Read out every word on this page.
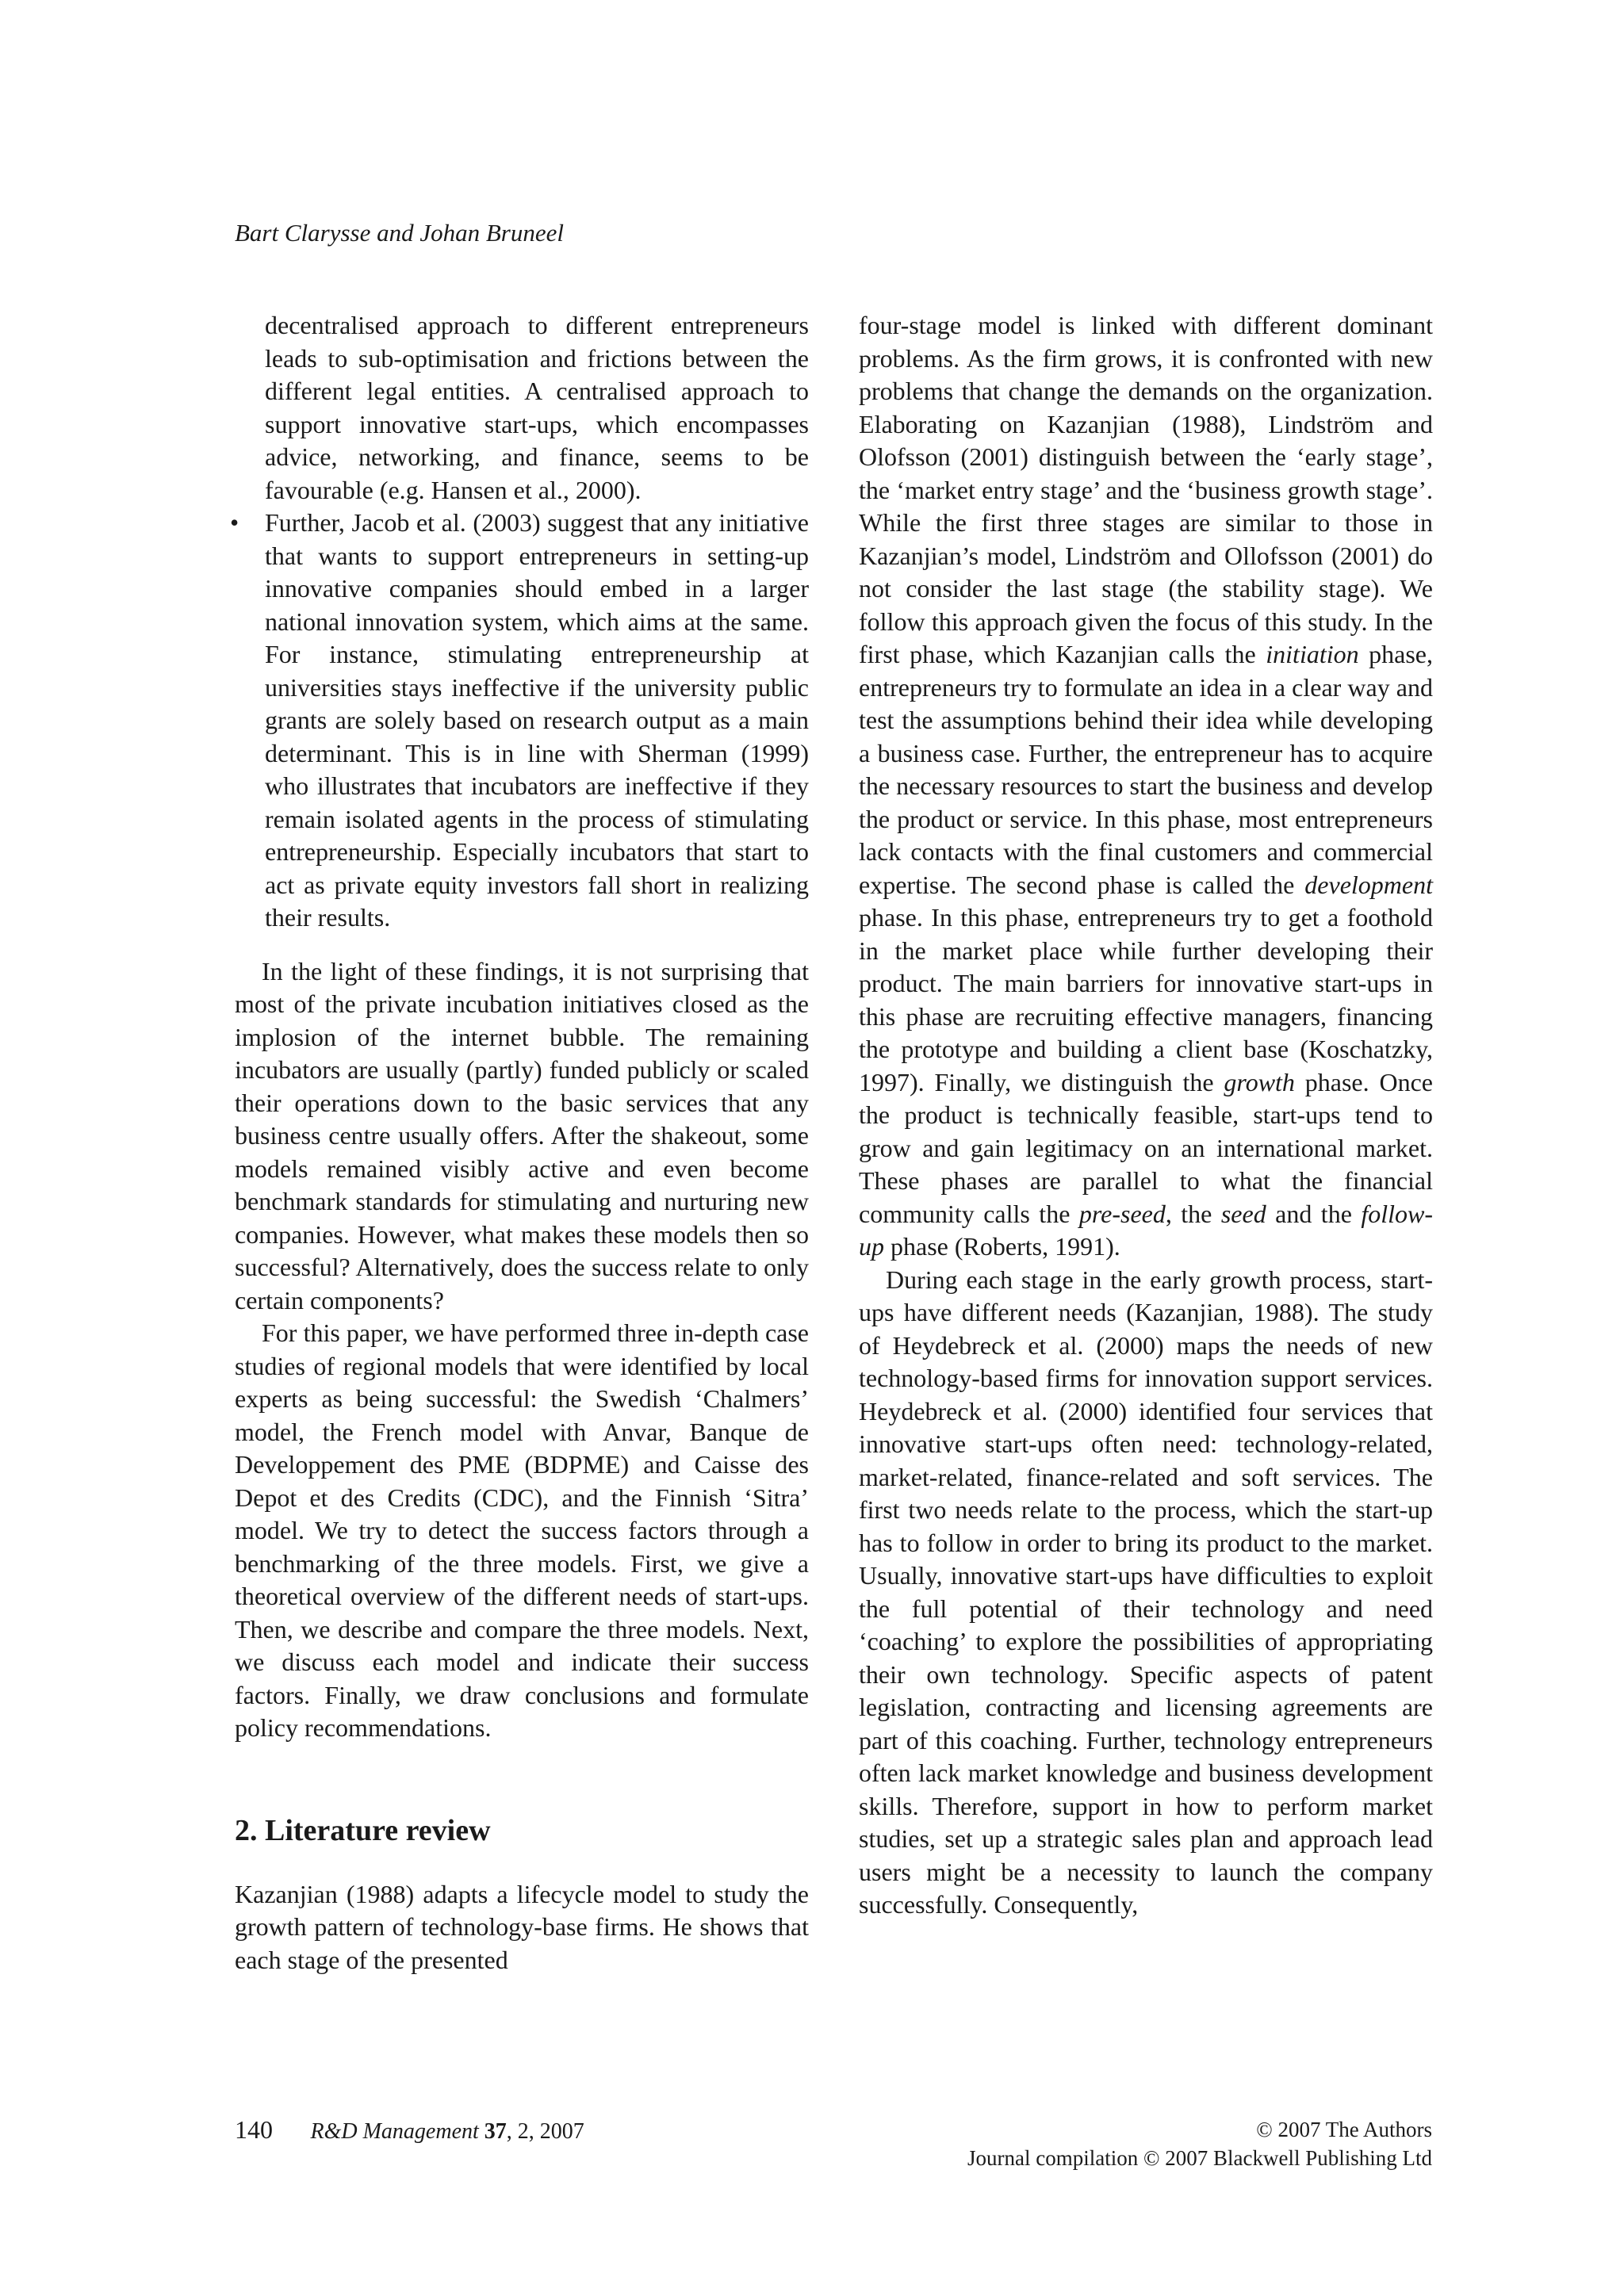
Bart Clarysse and Johan Bruneel

decentralised approach to different entrepreneurs leads to sub-optimisation and frictions between the different legal entities. A centralised approach to support innovative start-ups, which encompasses advice, networking, and finance, seems to be favourable (e.g. Hansen et al., 2000).

• Further, Jacob et al. (2003) suggest that any initiative that wants to support entrepreneurs in setting-up innovative companies should embed in a larger national innovation system, which aims at the same. For instance, stimulating entrepreneurship at universities stays ineffective if the university public grants are solely based on research output as a main determinant. This is in line with Sherman (1999) who illustrates that incubators are ineffective if they remain isolated agents in the process of stimulating entrepreneurship. Especially incubators that start to act as private equity investors fall short in realizing their results.

In the light of these findings, it is not surprising that most of the private incubation initiatives closed as the implosion of the internet bubble. The remaining incubators are usually (partly) funded publicly or scaled their operations down to the basic services that any business centre usually offers. After the shakeout, some models remained visibly active and even become benchmark standards for stimulating and nurturing new companies. However, what makes these models then so successful? Alternatively, does the success relate to only certain components?

For this paper, we have performed three in-depth case studies of regional models that were identified by local experts as being successful: the Swedish ‘Chalmers’ model, the French model with Anvar, Banque de Developpement des PME (BDPME) and Caisse des Depot et des Credits (CDC), and the Finnish ‘Sitra’ model. We try to detect the success factors through a benchmarking of the three models. First, we give a theoretical overview of the different needs of start-ups. Then, we describe and compare the three models. Next, we discuss each model and indicate their success factors. Finally, we draw conclusions and formulate policy recommendations.

2. Literature review

Kazanjian (1988) adapts a lifecycle model to study the growth pattern of technology-base firms. He shows that each stage of the presented

four-stage model is linked with different dominant problems. As the firm grows, it is confronted with new problems that change the demands on the organization. Elaborating on Kazanjian (1988), Lindström and Olofsson (2001) distinguish between the ‘early stage’, the ‘market entry stage’ and the ‘business growth stage’. While the first three stages are similar to those in Kazanjian’s model, Lindström and Ollofsson (2001) do not consider the last stage (the stability stage). We follow this approach given the focus of this study. In the first phase, which Kazanjian calls the initiation phase, entrepreneurs try to formulate an idea in a clear way and test the assumptions behind their idea while developing a business case. Further, the entrepreneur has to acquire the necessary resources to start the business and develop the product or service. In this phase, most entrepreneurs lack contacts with the final customers and commercial expertise. The second phase is called the development phase. In this phase, entrepreneurs try to get a foothold in the market place while further developing their product. The main barriers for innovative start-ups in this phase are recruiting effective managers, financing the prototype and building a client base (Koschatzky, 1997). Finally, we distinguish the growth phase. Once the product is technically feasible, start-ups tend to grow and gain legitimacy on an international market. These phases are parallel to what the financial community calls the pre-seed, the seed and the follow-up phase (Roberts, 1991).

During each stage in the early growth process, start-ups have different needs (Kazanjian, 1988). The study of Heydebreck et al. (2000) maps the needs of new technology-based firms for innovation support services. Heydebreck et al. (2000) identified four services that innovative start-ups often need: technology-related, market-related, finance-related and soft services. The first two needs relate to the process, which the start-up has to follow in order to bring its product to the market. Usually, innovative start-ups have difficulties to exploit the full potential of their technology and need ‘coaching’ to explore the possibilities of appropriating their own technology. Specific aspects of patent legislation, contracting and licensing agreements are part of this coaching. Further, technology entrepreneurs often lack market knowledge and business development skills. Therefore, support in how to perform market studies, set up a strategic sales plan and approach lead users might be a necessity to launch the company successfully. Consequently,

140 R&D Management 37, 2, 2007	© 2007 The Authors
Journal compilation © 2007 Blackwell Publishing Ltd
